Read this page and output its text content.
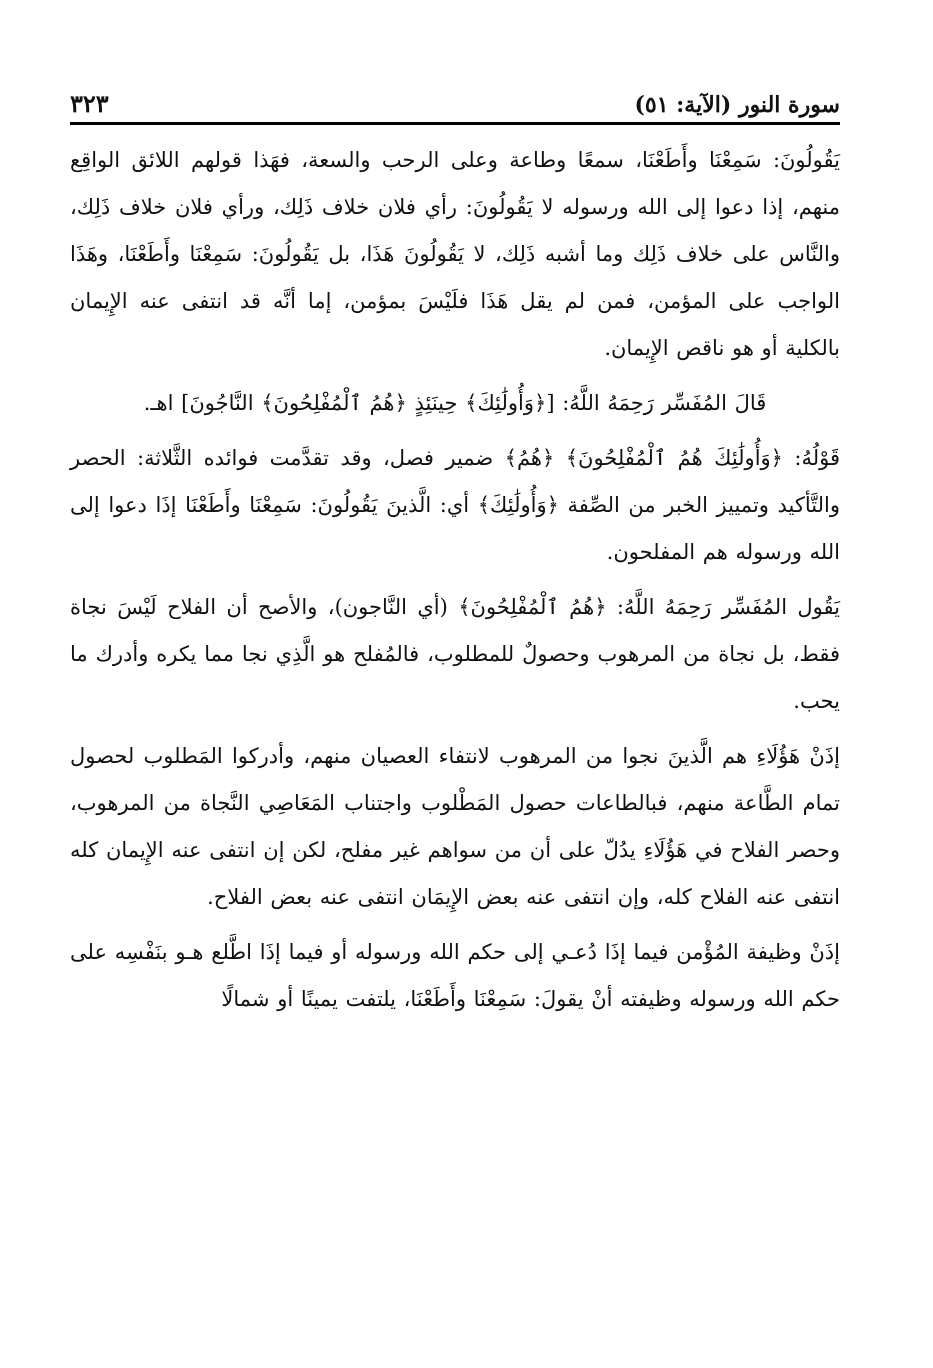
سورة النور (الآية: ٥١)
٣٢٣

يَقُولُونَ: سَمِعْنَا وأَطَعْنَا، سمعًا وطاعة وعلى الرحب والسعة، فهَذا قولهم اللائق الواقِع منهم، إذا دعوا إلى الله ورسوله لا يَقُولُونَ: رأي فلان خلاف ذَلِك، ورأي فلان خلاف ذَلِك، والنَّاس على خلاف ذَلِك وما أشبه ذَلِك، لا يَقُولُونَ هَذَا، بل يَقُولُونَ: سَمِعْنَا وأَطَعْنَا، وهَذَا الواجب على المؤمن، فمن لم يقل هَذَا فلَيْسَ بمؤمن، إما أنَّه قد انتفى عنه الإِيمان بالكلية أو هو ناقص الإِيمان.

قَالَ المُفَسِّر رَحِمَهُ اللَّهُ: [﴿وَأُولَٰئِكَ﴾ حِينَئِذٍ ﴿هُمُ ٱلْمُفْلِحُونَ﴾ النَّاجُونَ] اهـ.

قَوْلُهُ: ﴿وَأُولَٰئِكَ هُمُ ٱلْمُفْلِحُونَ﴾ ﴿هُمُ﴾ ضمير فصل، وقد تقدَّمت فوائده الثَّلاثة: الحصر والتَّأكيد وتمييز الخبر من الصِّفة ﴿وَأُولَٰئِكَ﴾ أي: الَّذينَ يَقُولُونَ: سَمِعْنَا وأَطَعْنَا إذَا دعوا إلى الله ورسوله هم المفلحون.

يَقُول المُفَسِّر رَحِمَهُ اللَّهُ: ﴿هُمُ ٱلْمُفْلِحُونَ﴾ (أي النَّاجون)، والأصح أن الفلاح لَيْسَ نجاة فقط، بل نجاة من المرهوب وحصولٌ للمطلوب، فالمُفلح هو الَّذِي نجا مما يكره وأدرك ما يحب.

إذَنْ هَؤُلَاءِ هم الَّذينَ نجوا من المرهوب لانتفاء العصيان منهم، وأدركوا المَطلوب لحصول تمام الطَّاعة منهم، فبالطاعات حصول المَطْلوب واجتناب المَعَاصِي النَّجاة من المرهوب، وحصر الفلاح في هَؤُلَاءِ يدُلّ على أن من سواهم غير مفلح، لكن إن انتفى عنه الإِيمان كله انتفى عنه الفلاح كله، وإن انتفى عنه بعض الإِيمَان انتفى عنه بعض الفلاح.

إذَنْ وظيفة المُؤْمن فيما إذَا دُعـي إلى حكم الله ورسوله أو فيما إذَا اطَّلع هـو بنَفْسِه على حكم الله ورسوله وظيفته أنْ يقولَ: سَمِعْنَا وأَطَعْنَا، يلتفت يمينًا أو شمالًا
